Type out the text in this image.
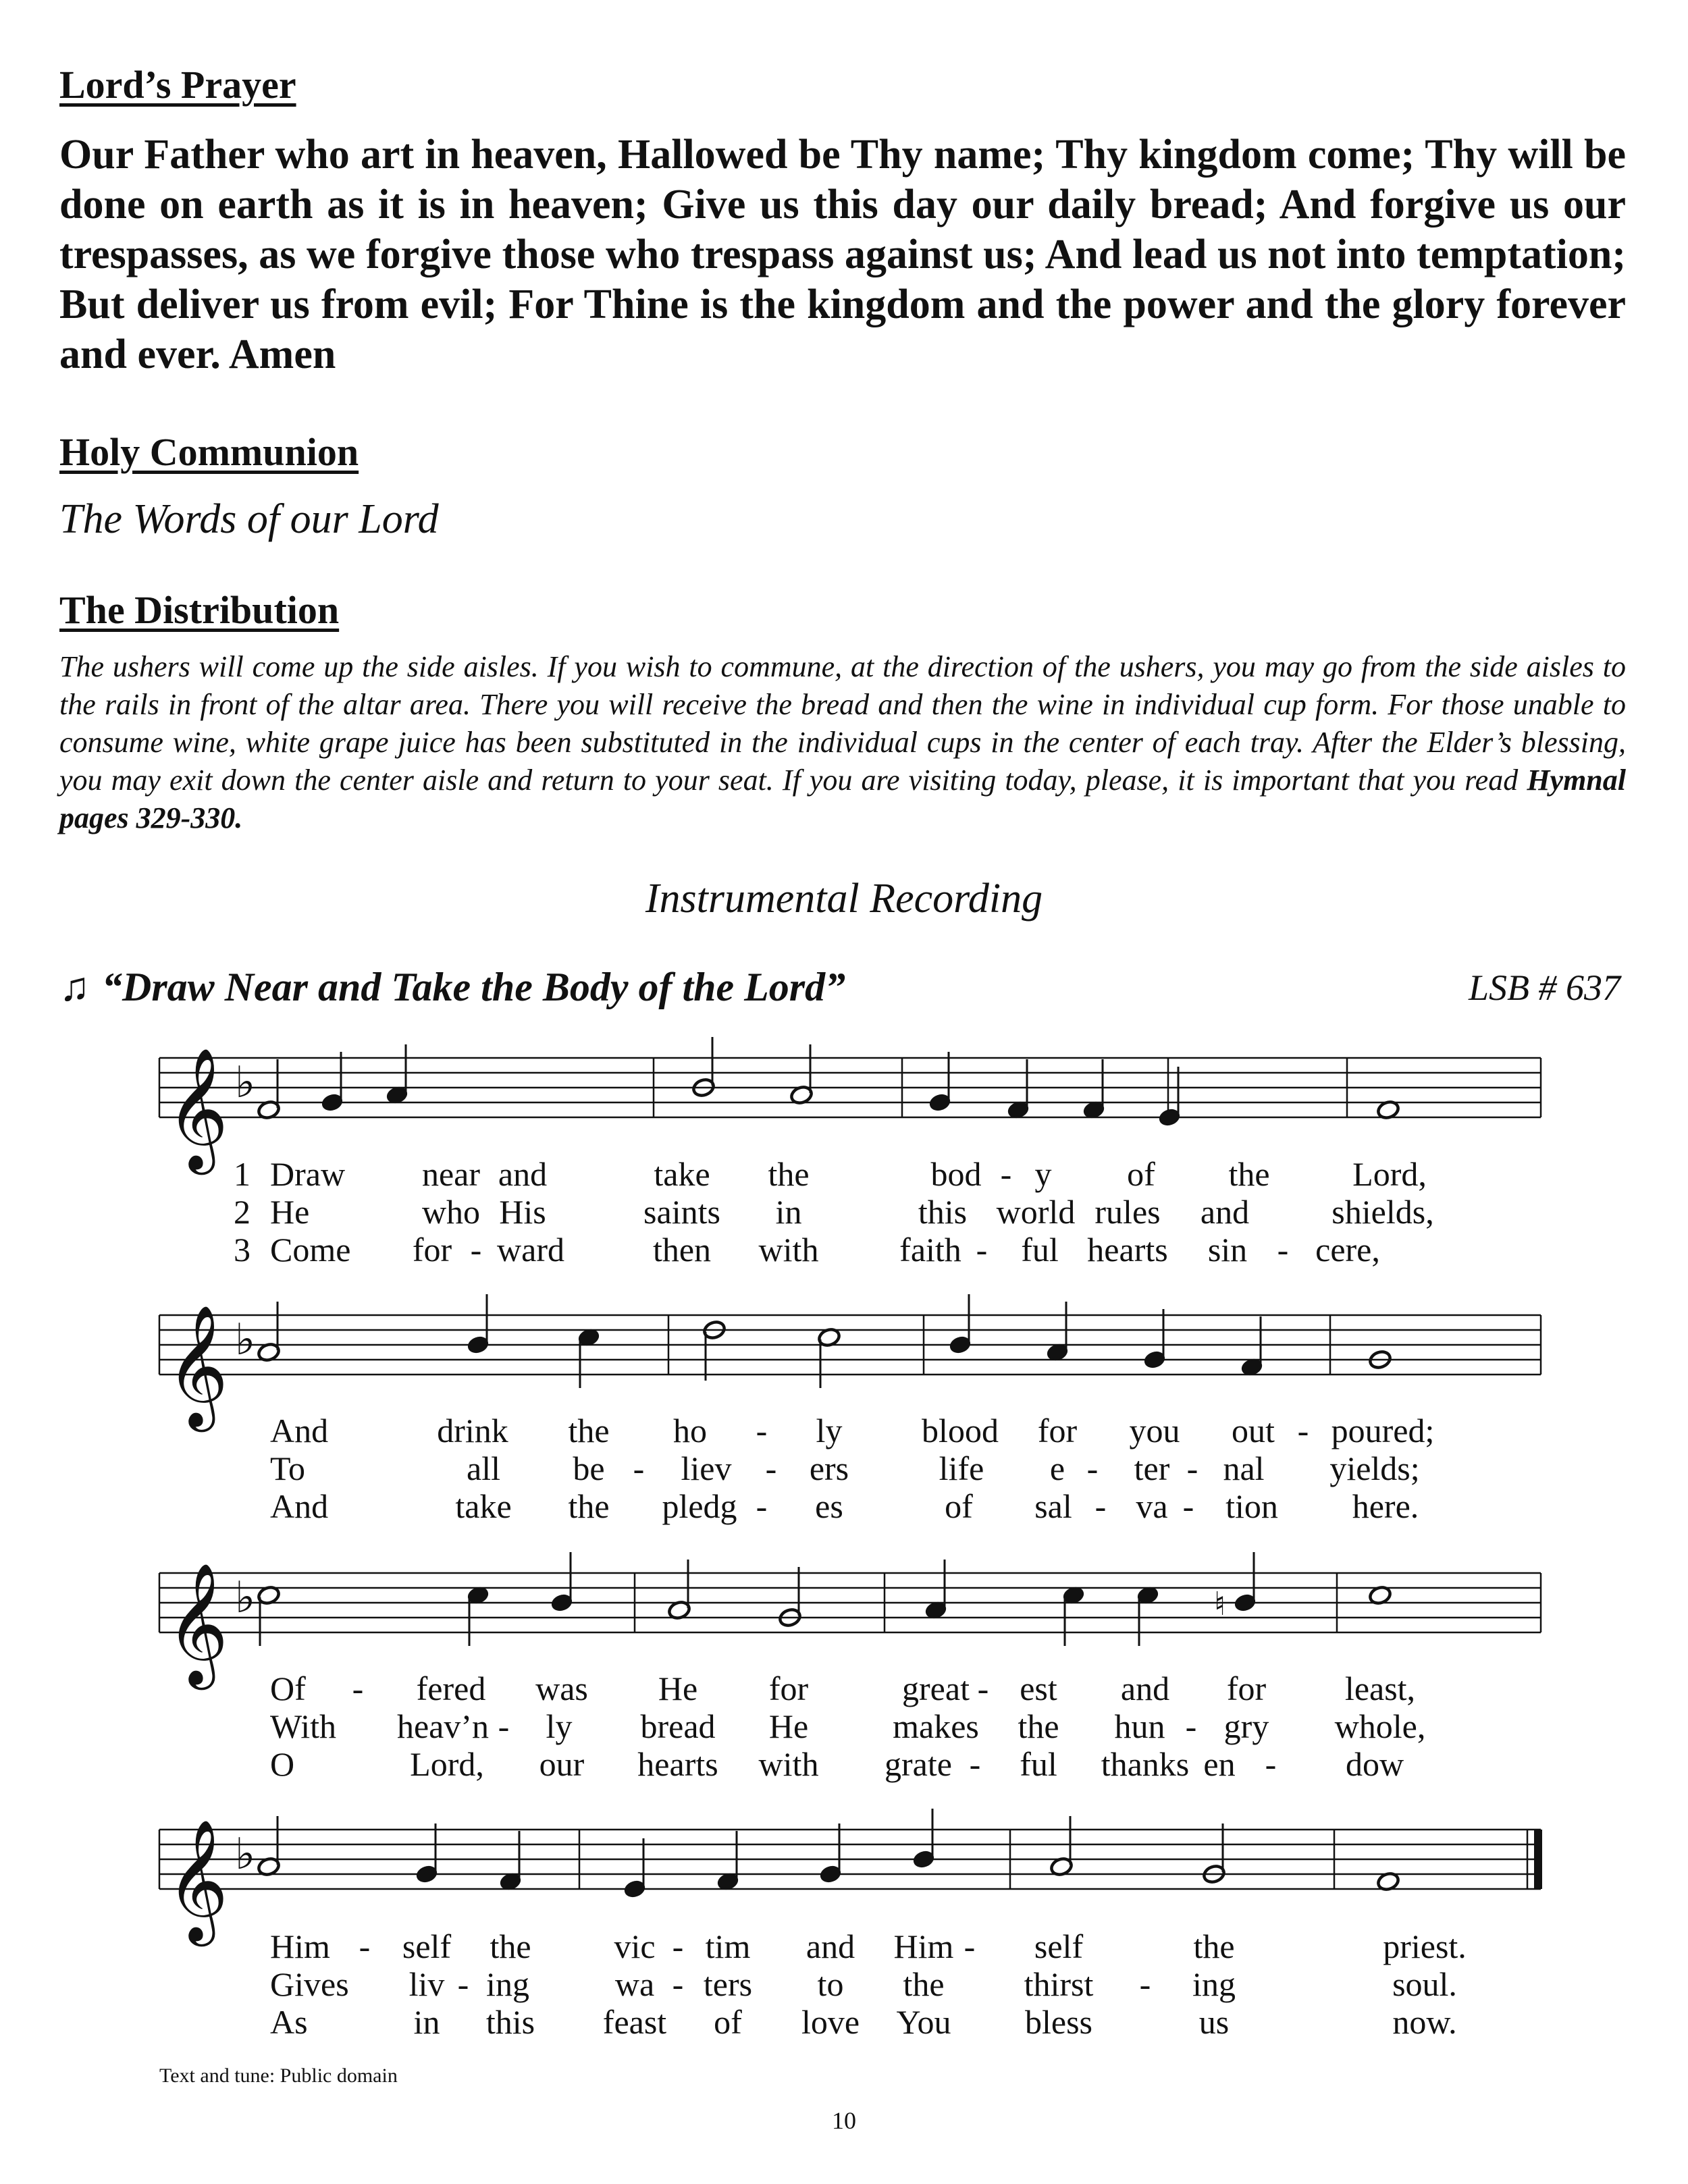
Lord’s Prayer

Our Father who art in heaven, Hallowed be Thy name; Thy kingdom come; Thy will be done on earth as it is in heaven; Give us this day our daily bread; And forgive us our trespasses, as we forgive those who trespass against us; And lead us not into temptation; But deliver us from evil; For Thine is the kingdom and the power and the glory forever and ever. Amen

Holy Communion

The Words of our Lord

The Distribution

The ushers will come up the side aisles. If you wish to commune, at the direction of the ushers, you may go from the side aisles to the rails in front of the altar area. There you will receive the bread and then the wine in individual cup form. For those unable to consume wine, white grape juice has been substituted in the individual cups in the center of each tray. After the Elder’s blessing, you may exit down the center aisle and return to your seat. If you are visiting today, please, it is important that you read Hymnal pages 329-330.

Instrumental Recording

♫ “Draw Near and Take the Body of the Lord”	LSB # 637

𝄞 ♭
𝄞 ♭
𝄞 ♭	♮
𝄞 ♭
1 Draw near and	take the	bod - y of the Lord,
2 He	who His	saints in	this world rules and shields,
3 Come for - ward	then with faith - ful hearts sin - cere,
And	drink the ho - ly blood for you out - poured;
To	all be - liev - ers	life e - ter - nal yields;
And	take the pledg - es	of sal - va - tion here.
Of - fered was He for	great - est and for least,
With heav’n - ly bread He makes the hun - gry whole,
O	Lord, our hearts with grate - ful thanks en - dow
Him - self the vic - tim and Him - self	the	priest.
Gives liv - ing	wa - ters to the thirst - ing	soul.
As	in this feast of love You bless	us	now.

Text and tune: Public domain

10
